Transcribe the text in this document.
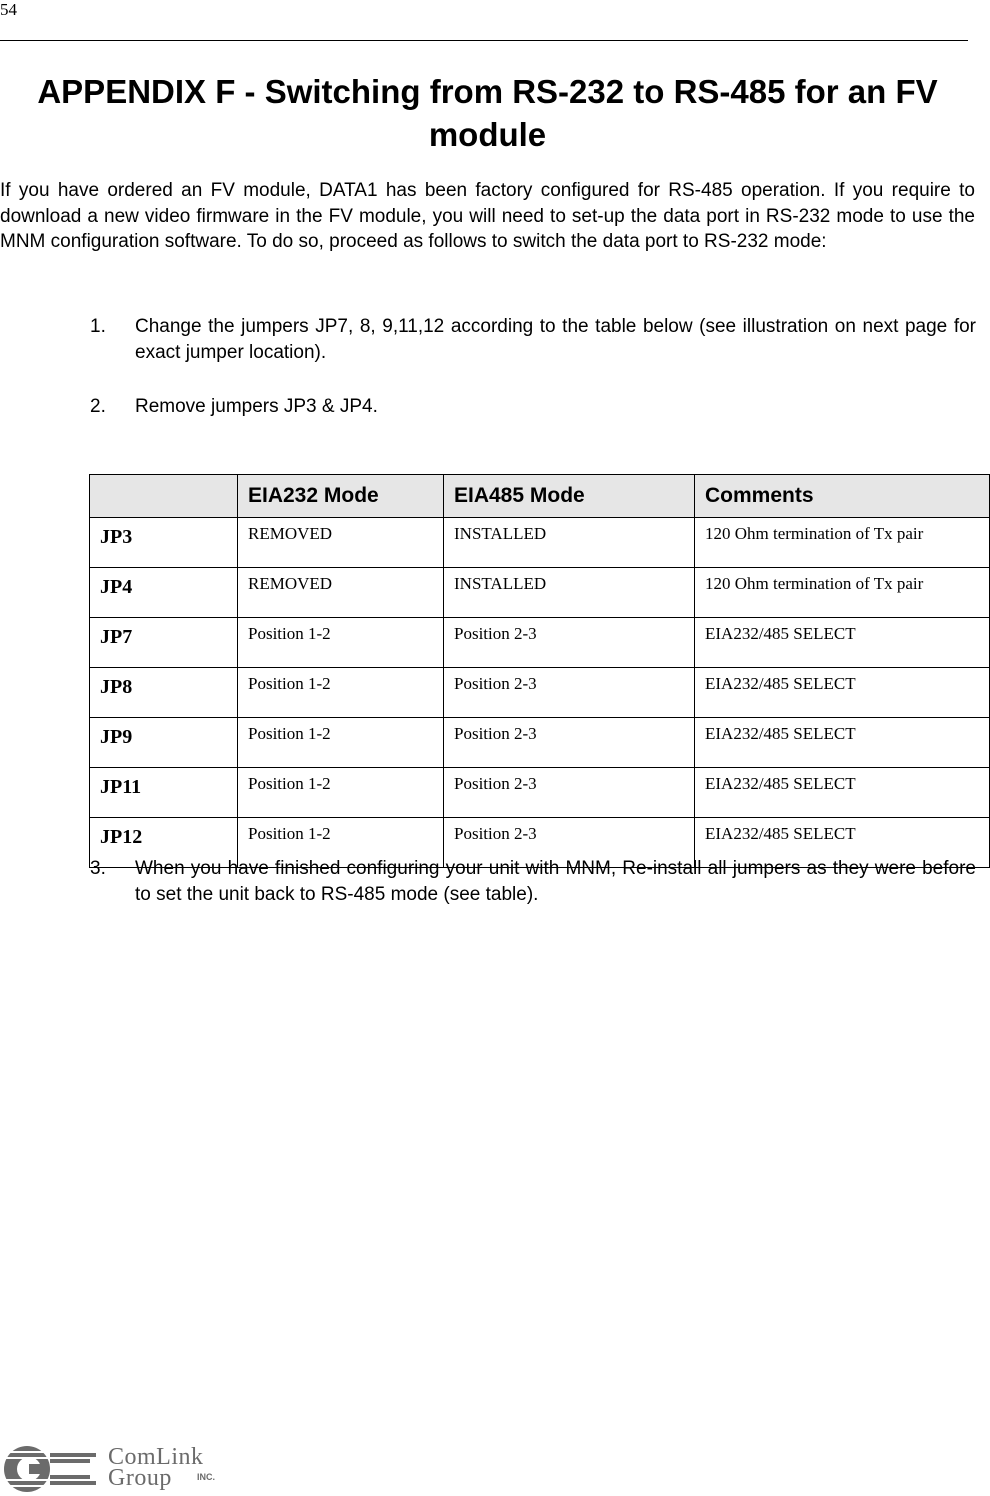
54
APPENDIX F - Switching from RS-232 to RS-485 for an FV module

If you have ordered an FV module, DATA1 has been factory configured for RS-485 operation. If you require to download a new video firmware in the FV module, you will need to set-up the data port in RS-232 mode to use the MNM configuration software. To do so, proceed as follows to switch the data port to RS-232 mode:

1. Change the jumpers JP7, 8, 9,11,12 according to the table below (see illustration on next page for exact jumper location).
2. Remove jumpers JP3 & JP4.
	EIA232 Mode	EIA485 Mode	Comments
JP3	REMOVED	INSTALLED	120 Ohm termination of Tx pair
JP4	REMOVED	INSTALLED	120 Ohm termination of Tx pair
JP7	Position 1-2	Position 2-3	EIA232/485 SELECT
JP8	Position 1-2	Position 2-3	EIA232/485 SELECT
JP9	Position 1-2	Position 2-3	EIA232/485 SELECT
JP11	Position 1-2	Position 2-3	EIA232/485 SELECT
JP12	Position 1-2	Position 2-3	EIA232/485 SELECT
3. When you have finished configuring your unit with MNM, Re-install all jumpers as they were before to set the unit back to RS-485 mode (see table).
ComLink
Group	INC.
